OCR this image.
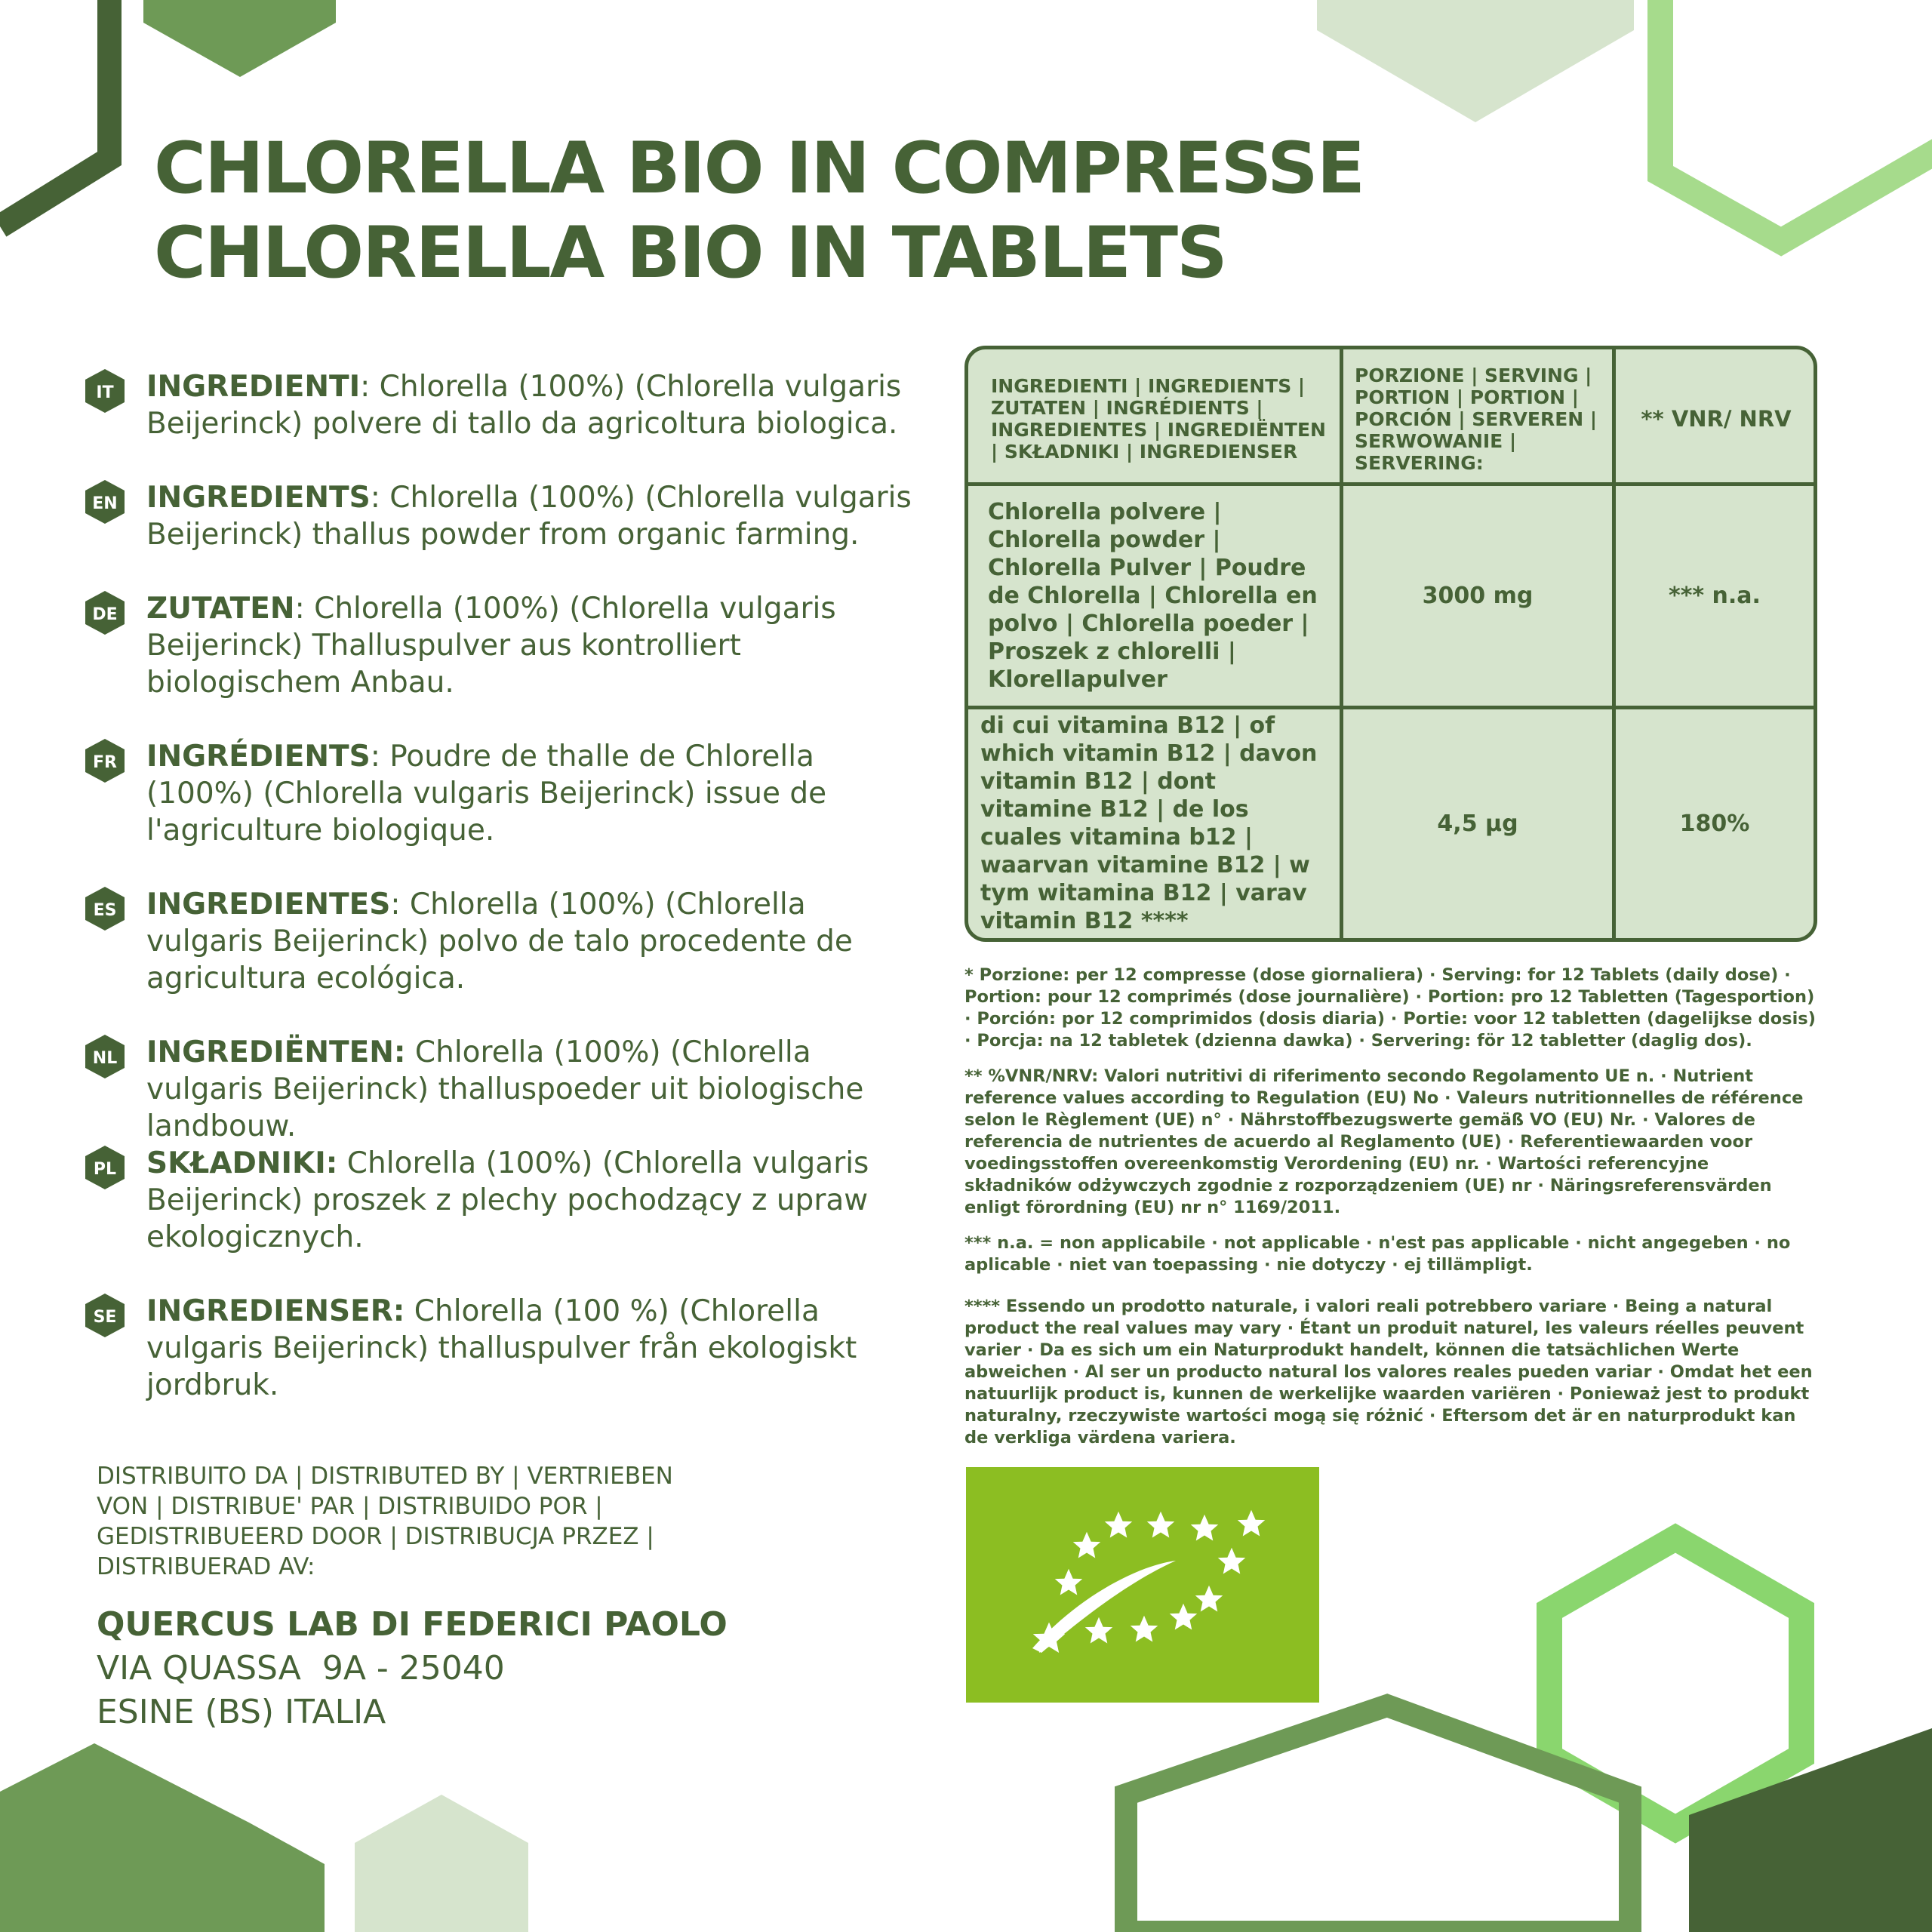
CHLORELLA BIO IN COMPRESSE
CHLORELLA BIO IN TABLETS
IT INGREDIENTI: Chlorella (100%) (Chlorella vulgaris Beijerinck) polvere di tallo da agricoltura biologica.
EN INGREDIENTS: Chlorella (100%) (Chlorella vulgaris Beijerinck) thallus powder from organic farming.
DE ZUTATEN: Chlorella (100%) (Chlorella vulgaris Beijerinck) Thalluspulver aus kontrolliert biologischem Anbau.
FR INGRÉDIENTS: Poudre de thalle de Chlorella (100%) (Chlorella vulgaris Beijerinck) issue de l'agriculture biologique.
ES INGREDIENTES: Chlorella (100%) (Chlorella vulgaris Beijerinck) polvo de talo procedente de agricultura ecológica.
NL INGREDIËNTEN: Chlorella (100%) (Chlorella vulgaris Beijerinck) thalluspoeder uit biologische landbouw.
PL SKŁADNIKI: Chlorella (100%) (Chlorella vulgaris Beijerinck) proszek z plechy pochodzący z upraw ekologicznych.
SE INGREDIENSER: Chlorella (100 %) (Chlorella vulgaris Beijerinck) thalluspulver från ekologiskt jordbruk.
DISTRIBUITO DA | DISTRIBUTED BY | VERTRIEBEN VON | DISTRIBUE' PAR | DISTRIBUIDO POR | GEDISTRIBUEERD DOOR | DISTRIBUCJA PRZEZ | DISTRIBUERAD AV:
QUERCUS LAB DI FEDERICI PAOLO
VIA QUASSA  9A - 25040
ESINE (BS) ITALIA
INGREDIENTI | INGREDIENTS | ZUTATEN | INGRÉDIENTS | INGREDIENTES | INGREDIËNTEN | SKŁADNIKI | INGREDIENSER
PORZIONE | SERVING | PORTION | PORTION | PORCIÓN | SERVEREN | SERWOWANIE | SERVERING:
** VNR/ NRV
Chlorella polvere | Chlorella powder | Chlorella Pulver | Poudre de Chlorella | Chlorella en polvo | Chlorella poeder | Proszek z chlorelli | Klorellapulver
3000 mg	*** n.a.
di cui vitamina B12 | of which vitamin B12 | davon vitamin B12 | dont vitamine B12 | de los cuales vitamina b12 | waarvan vitamine B12 | w tym witamina B12 | varav vitamin B12 ****
4,5 µg	180%

* Porzione: per 12 compresse (dose giornaliera) · Serving: for 12 Tablets (daily dose) · Portion: pour 12 comprimés (dose journalière) · Portion: pro 12 Tabletten (Tagesportion) · Porción: por 12 comprimidos (dosis diaria) · Portie: voor 12 tabletten (dagelijkse dosis) · Porcja: na 12 tabletek (dzienna dawka) · Servering: för 12 tabletter (daglig dos).

** %VNR/NRV: Valori nutritivi di riferimento secondo Regolamento UE n. · Nutrient reference values according to Regulation (EU) No · Valeurs nutritionnelles de référence selon le Règlement (UE) n° · Nährstoffbezugswerte gemäß VO (EU) Nr. · Valores de referencia de nutrientes de acuerdo al Reglamento (UE) · Referentiewaarden voor voedingsstoffen overeenkomstig Verordening (EU) nr. · Wartości referencyjne składników odżywczych zgodnie z rozporządzeniem (UE) nr · Näringsreferensvärden enligt förordning (EU) nr n° 1169/2011.

*** n.a. = non applicabile · not applicable · n'est pas applicable · nicht angegeben · no aplicable · niet van toepassing · nie dotyczy · ej tillämpligt.

**** Essendo un prodotto naturale, i valori reali potrebbero variare · Being a natural product the real values may vary · Étant un produit naturel, les valeurs réelles peuvent varier · Da es sich um ein Naturprodukt handelt, können die tatsächlichen Werte abweichen · Al ser un producto natural los valores reales pueden variar · Omdat het een natuurlijk product is, kunnen de werkelijke waarden variëren · Ponieważ jest to produkt naturalny, rzeczywiste wartości mogą się różnić · Eftersom det är en naturprodukt kan de verkliga värdena variera.
